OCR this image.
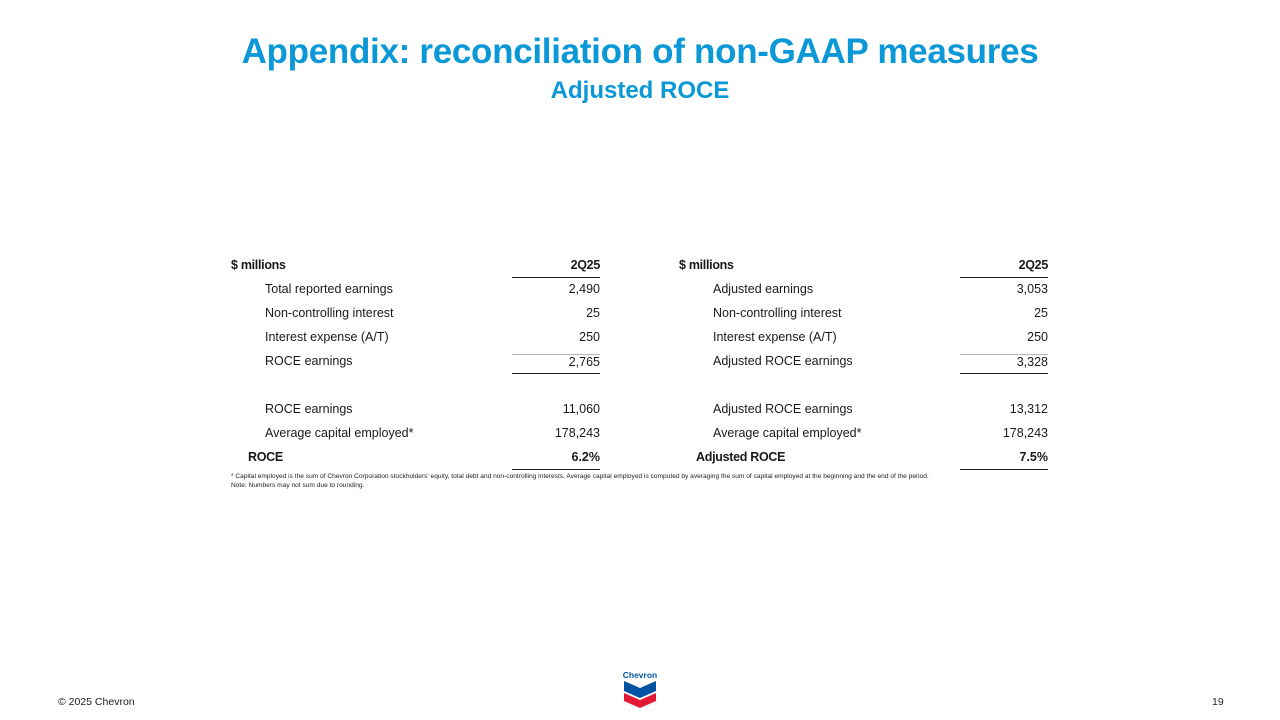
Appendix: reconciliation of non-GAAP measures
Adjusted ROCE
$ millions	2Q25
Total reported earnings	2,490
Non-controlling interest	25
Interest expense (A/T)	250
ROCE earnings	2,765
ROCE earnings	11,060
Average capital employed*	178,243
ROCE	6.2%
$ millions	2Q25
Adjusted earnings	3,053
Non-controlling interest	25
Interest expense (A/T)	250
Adjusted ROCE earnings	3,328
Adjusted ROCE earnings	13,312
Average capital employed*	178,243
Adjusted ROCE	7.5%
* Capital employed is the sum of Chevron Corporation stockholders' equity, total debt and non-controlling interests. Average capital employed is computed by averaging the sum of capital employed at the beginning and the end of the period.
Note: Numbers may not sum due to rounding.
© 2025 Chevron
Chevron
19
